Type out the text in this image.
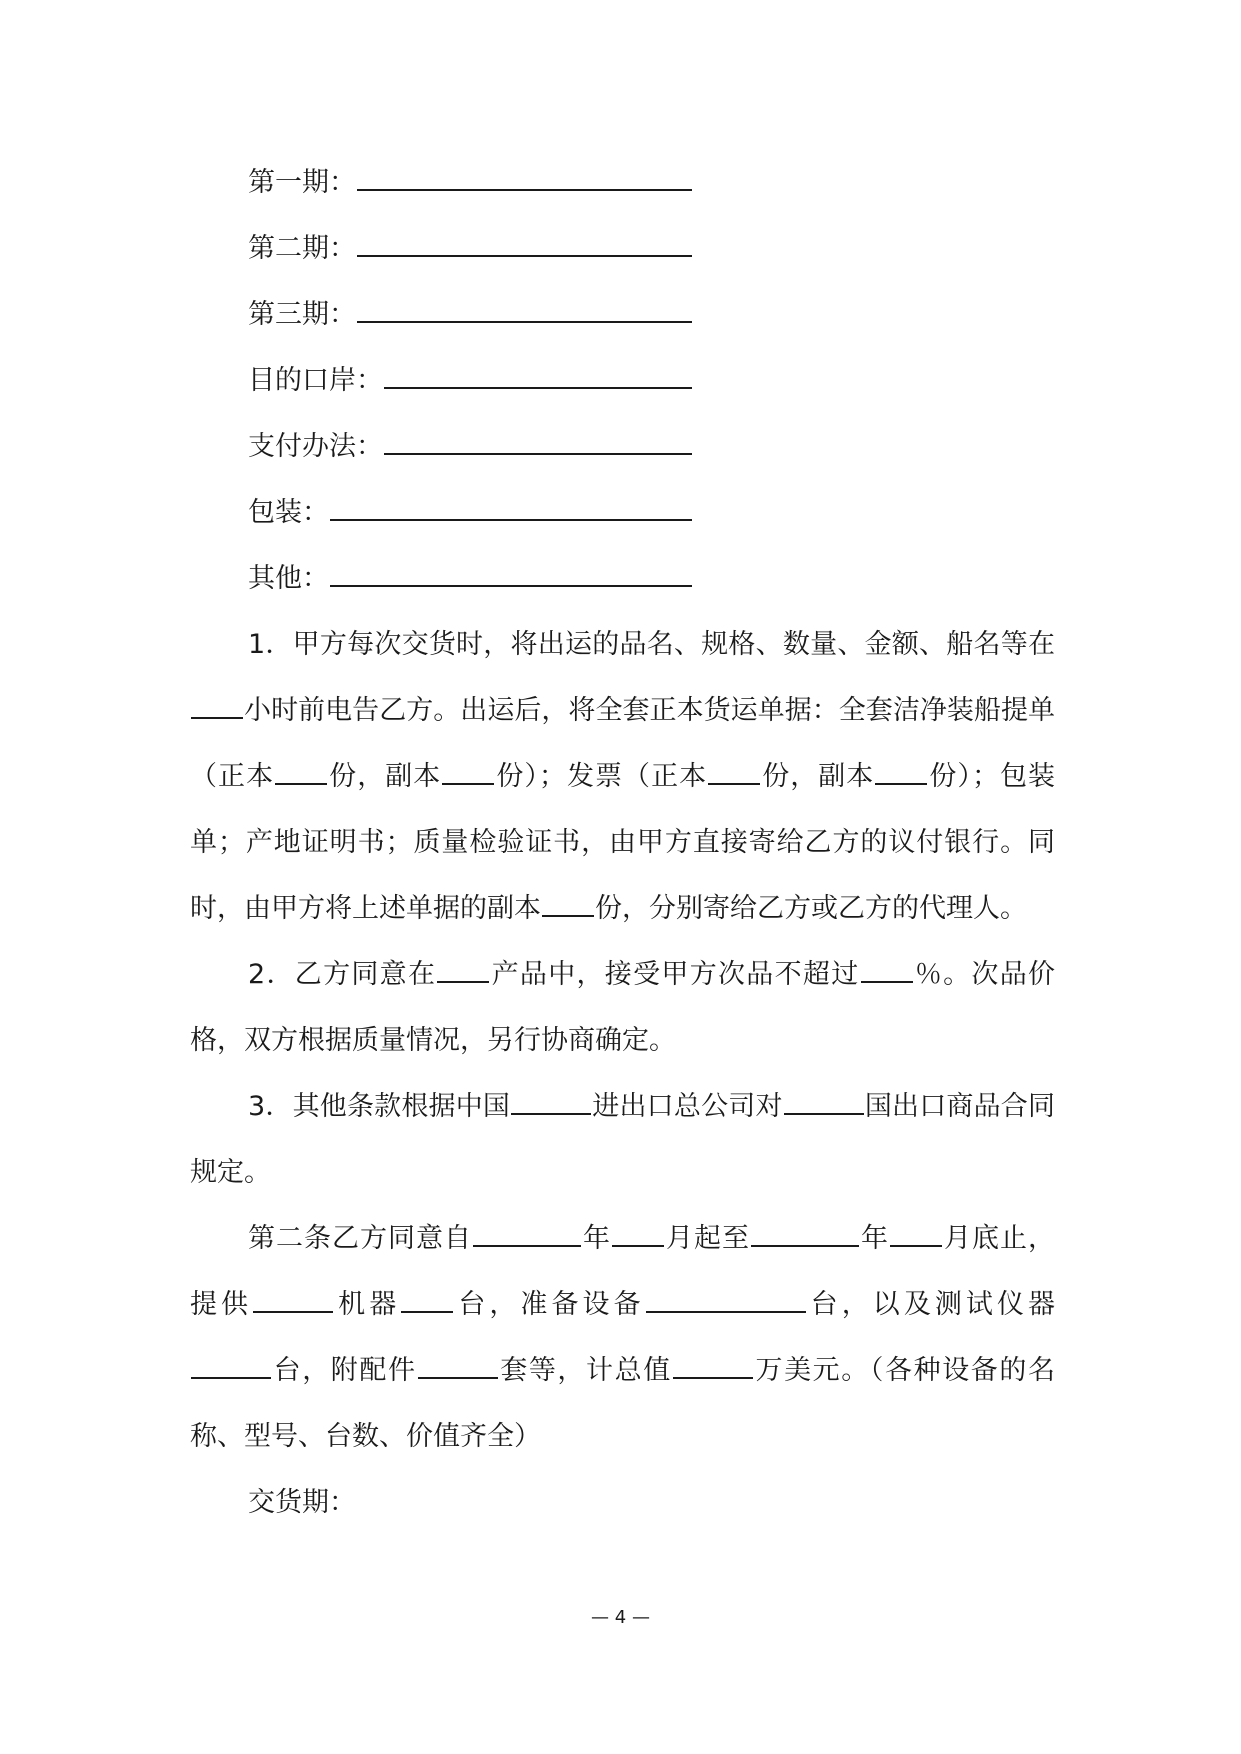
第一期：
第二期：
第三期：
目的口岸：
支付办法：
包装：
其他：

1．甲方每次交货时，将出运的品名、规格、数量、金额、船名等在小时前电告乙方。出运后，将全套正本货运单据：全套洁净装船提单（正本 份，副本 份）；发票（正本 份，副本 份）；包装单；产地证明书；质量检验证书，由甲方直接寄给乙方的议付银行。同时，由甲方将上述单据的副本 份，分别寄给乙方或乙方的代理人。

2．乙方同意在 产品中，接受甲方次品不超过 ％。次品价格，双方根据质量情况，另行协商确定。

3．其他条款根据中国	进出口总公司对	国出口商品合同规定。

第二条乙方同意自	年 月起至	年 月底止，提供	机器 台，准备设备	台，以及测试仪器台，附配件	套等，计总值	万美元。（各种设备的名称、型号、台数、价值齐全）

交货期：

— 4 —
